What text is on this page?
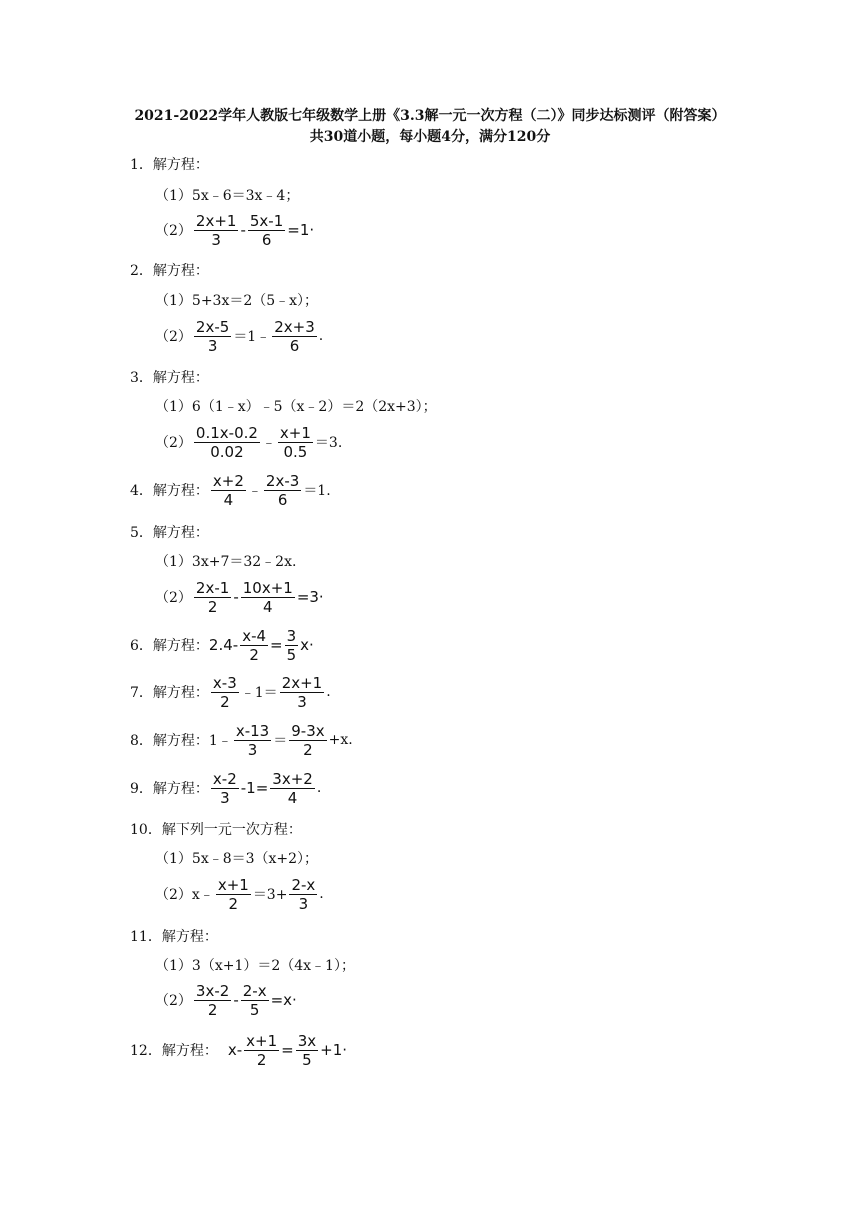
2021-2022学年人教版七年级数学上册《3.3解一元一次方程（二）》同步达标测评（附答案）
共30道小题，每小题4分，满分120分
1．解方程：
（1）5x﹣6＝3x﹣4；
$(2) \frac{2x+1}{3} - \frac{5x-1}{6} =1\cdot$
2．解方程：
（1）5+3x＝2（5﹣x）；
$(2) \frac{2x-5}{3}$ ＝1﹣ $\frac{2x+3}{6}$ .
3．解方程：
（1）6（1﹣x）﹣5（x﹣2）＝2（2x+3）；
$(2) \frac{0.1x-0.2}{0.02}$ ﹣ $\frac{x+1}{0.5} =3$.
4．解方程： $\frac{x+2}{4}$ ﹣ $\frac{2x-3}{6} =1$.
5．解方程：
（1）3x+7＝32﹣2x.
$(2) \frac{2x-1}{2} - \frac{10x+1}{4} =3\cdot$
6．解方程： $2.4- \frac{x-4}{2} = \frac{3}{5} x\cdot$
7．解方程： $\frac{x-3}{2}$ ﹣1＝ $\frac{2x+1}{3}$ .
8．解方程： 1﹣ $\frac{x-13}{3} = \frac{9-3x}{2} +x$.
9．解方程： $\frac{x-2}{3} -1= \frac{3x+2}{4}$ .
10．解下列一元一次方程：
（1）5x﹣8＝3（x+2）；
（2）x﹣ $\frac{x+1}{2} =3+ \frac{2-x}{3}$ .
11．解方程：
（1）3（x+1）＝2（4x﹣1）；
$(2) \frac{3x-2}{2} - \frac{2-x}{5} =x\cdot$
12．解方程： $x- \frac{x+1}{2} = \frac{3x}{5} +1\cdot$
